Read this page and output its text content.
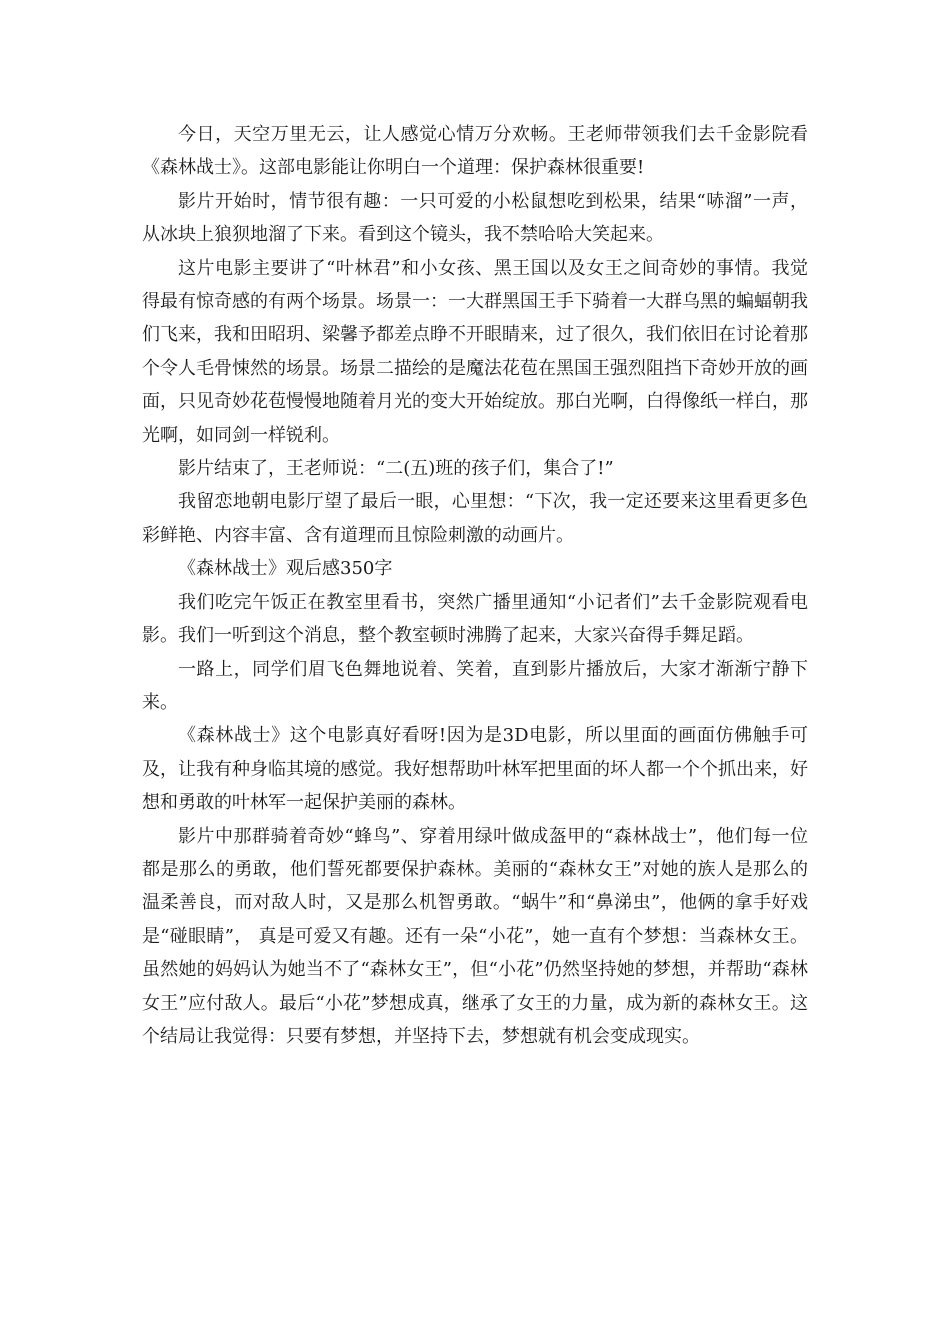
今日，天空万里无云，让人感觉心情万分欢畅。王老师带领我们去千金影院看《森林战士》。这部电影能让你明白一个道理：保护森林很重要!

影片开始时，情节很有趣：一只可爱的小松鼠想吃到松果，结果“哧溜”一声，从冰块上狼狈地溜了下来。看到这个镜头，我不禁哈哈大笑起来。

这片电影主要讲了“叶林君”和小女孩、黑王国以及女王之间奇妙的事情。我觉得最有惊奇感的有两个场景。场景一：一大群黑国王手下骑着一大群乌黑的蝙蝠朝我们飞来，我和田昭玥、梁馨予都差点睁不开眼睛来，过了很久，我们依旧在讨论着那个令人毛骨悚然的场景。场景二描绘的是魔法花苞在黑国王强烈阻挡下奇妙开放的画面，只见奇妙花苞慢慢地随着月光的变大开始绽放。那白光啊，白得像纸一样白，那光啊，如同剑一样锐利。

影片结束了，王老师说：“二(五)班的孩子们，集合了!”

我留恋地朝电影厅望了最后一眼，心里想：“下次，我一定还要来这里看更多色彩鲜艳、内容丰富、含有道理而且惊险刺激的动画片。

《森林战士》观后感350字

我们吃完午饭正在教室里看书，突然广播里通知“小记者们”去千金影院观看电影。我们一听到这个消息，整个教室顿时沸腾了起来，大家兴奋得手舞足蹈。

一路上，同学们眉飞色舞地说着、笑着，直到影片播放后，大家才渐渐宁静下来。

《森林战士》这个电影真好看呀!因为是3D电影，所以里面的画面仿佛触手可及，让我有种身临其境的感觉。我好想帮助叶林军把里面的坏人都一个个抓出来，好想和勇敢的叶林军一起保护美丽的森林。

影片中那群骑着奇妙“蜂鸟”、穿着用绿叶做成盔甲的“森林战士”，他们每一位都是那么的勇敢，他们誓死都要保护森林。美丽的“森林女王”对她的族人是那么的温柔善良，而对敌人时，又是那么机智勇敢。“蜗牛”和“鼻涕虫”，他俩的拿手好戏是“碰眼睛”， 真是可爱又有趣。还有一朵“小花”，她一直有个梦想：当森林女王。虽然她的妈妈认为她当不了“森林女王”，但“小花”仍然坚持她的梦想，并帮助“森林女王”应付敌人。最后“小花”梦想成真，继承了女王的力量，成为新的森林女王。这个结局让我觉得：只要有梦想，并坚持下去，梦想就有机会变成现实。
